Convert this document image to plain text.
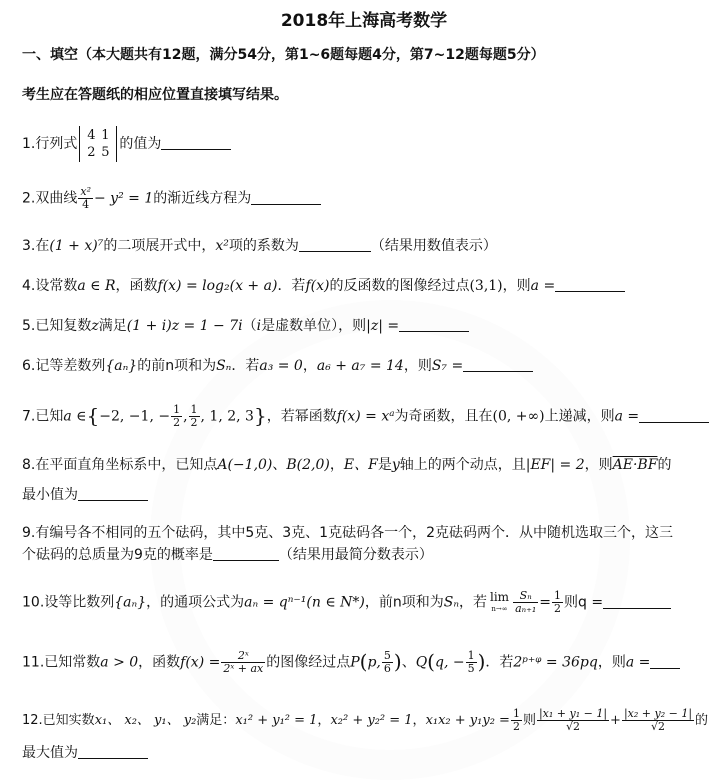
2018年上海高考数学
一、填空（本大题共有12题，满分54分，第1~6题每题4分，第7~12题每题5分）
考生应在答题纸的相应位置直接填写结果。
1.行列式4 1
2 5的值为
2.双曲线 $\frac{\text{x²}}{4} - y^2 = 1$的渐近线方程为
3.在(1 + x)⁷的二项展开式中，x²项的系数为	（结果用数值表示）
4.设常数a ∈ R，函数f(x) = log₂(x + a)．若f(x)的反函数的图像经过点(3,1)，则a =
5.已知复数z满足(1 + i)z = 1 − 7i（i是虚数单位），则|z| =
6.记等差数列{aₙ}的前n项和为Sₙ．若a₃ = 0，a₆ + a₇ = 14，则S₇ =
7.已知a ∈{−2, −1, − $\frac{1}{2}$ , $\frac{1}{2}$ , 1, 2, 3}，若幂函数f(x) = xᵃ为奇函数，且在(0, +∞)上递减，则a =
8.在平面直角坐标系中，已知点A(−1,0)、B(2,0)，E、F是y轴上的两个动点，且|EF| = 2，则AE·BF的
最小值为
9.有编号各不相同的五个砝码，其中5克、3克、1克砝码各一个，2克砝码两个．从中随机选取三个，这三
个砝码的总质量为9克的概率是	（结果用最简分数表示）
10.设等比数列{aₙ}，的通项公式为aₙ = qⁿ⁻¹(n ∈ N*)，前n项和为Sₙ，若 lim
$n\to\infty \frac{\text{Sₙ}}{\text{aₙ₊₁}} = \frac{1}{2}$ 则q =
11.已知常数a > 0，函数$f(x) = \frac{\text{2ˣ}}{\text{2ˣ + ax}}$ 的图像经过点P(p, $\frac{5}{6}$ )、Q(q, − $\frac{1}{5}$ )．若2ᵖ⁺ᵠ = 36pq，则a =
12.已知实数x₁、 x₂、 y₁、 y₂满足：x₁² + y₁² = 1，x₂² + y₂² = 1，$x_1x_2 + y_1y_2 = \frac{1}{2}$ 则 $\frac{\text{|x₁ + y₁ − 1|}}{√2} + \frac{\text{|x₂ + y₂ − 1|}}{√2}$ 的
最大值为
